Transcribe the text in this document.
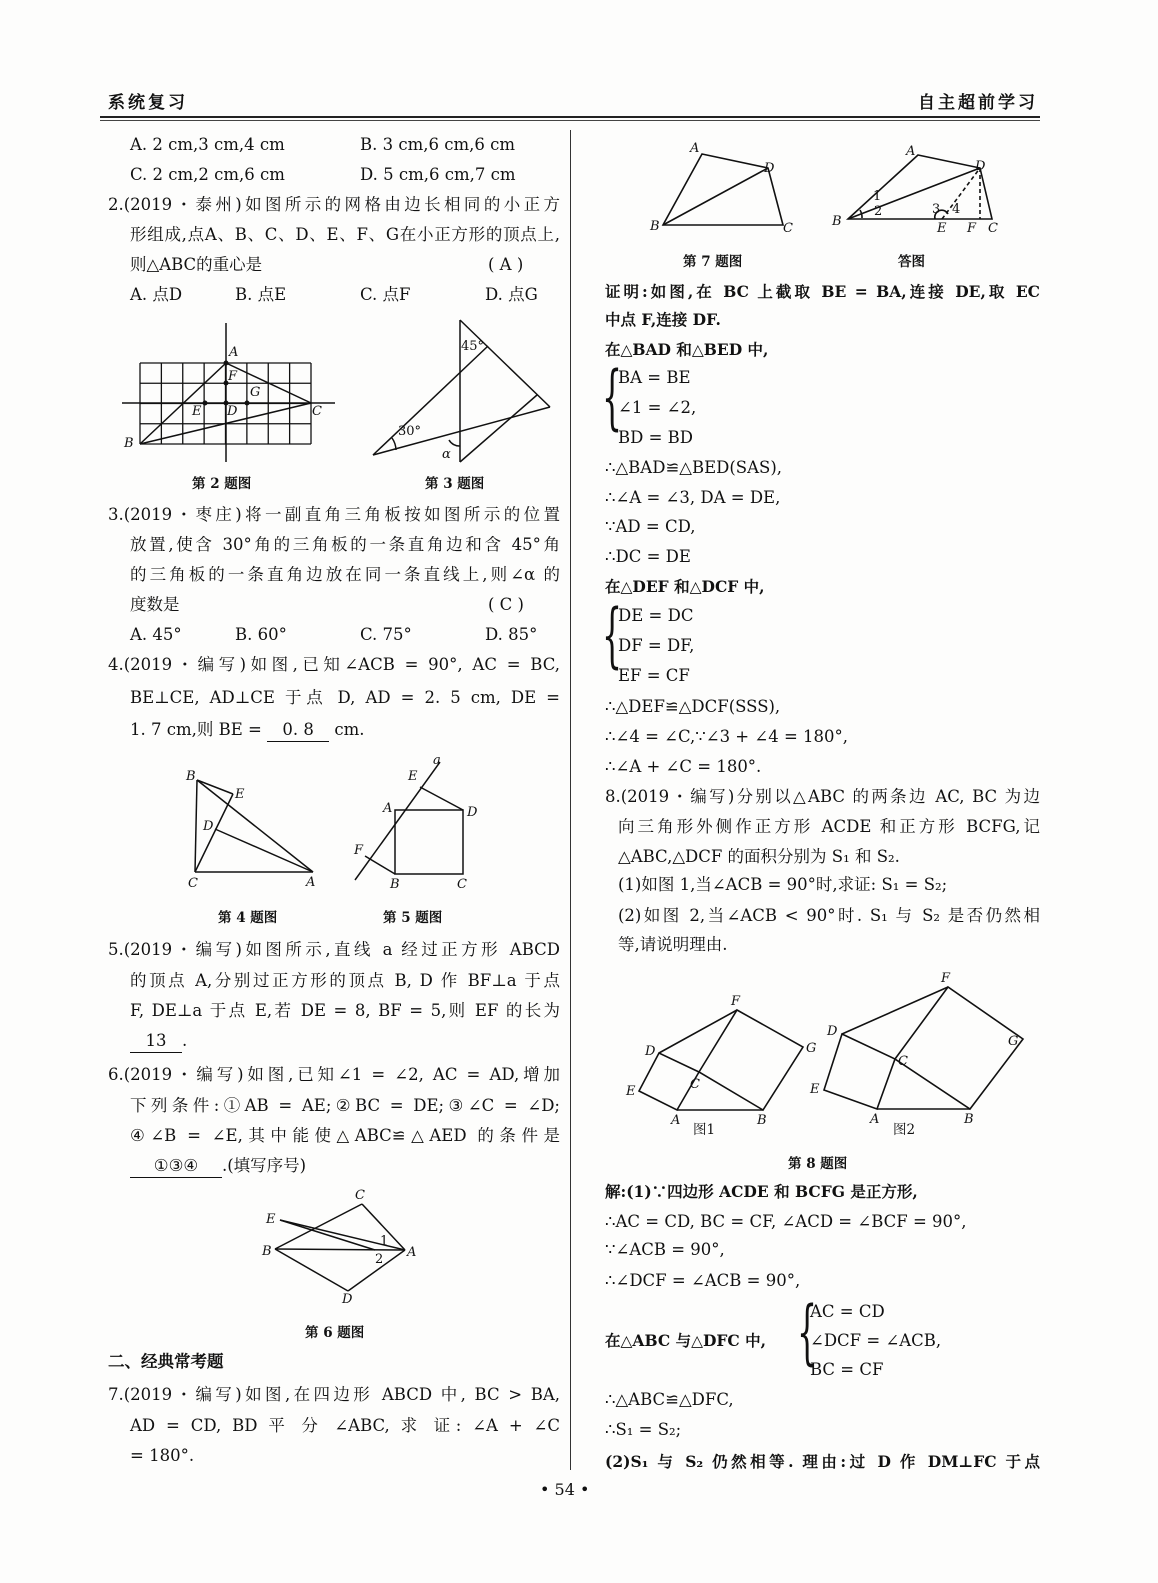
系统复习	自主超前学习
A. 2 cm,3 cm,4 cm	B. 3 cm,6 cm,6 cm
C. 2 cm,2 cm,6 cm	D. 5 cm,6 cm,7 cm
2.(2019・泰州)如图所示的网格由边长相同的小正方
形组成,点A、B、C、D、E、F、G在小正方形的顶点上,
则△ABC的重心是	( A )
A. 点D	B. 点E	C. 点F	D. 点G
A
B
C
D
E
F
G
第 2 题图
45°
30°
α
第 3 题图
3.(2019・枣庄)将一副直角三角板按如图所示的位置
放置,使含 30°角的三角板的一条直角边和含 45°角
的三角板的一条直角边放在同一条直线上,则∠α 的
度数是	( C )
A. 45°	B. 60°	C. 75°	D. 85°
4.(2019・编写)如图,已知∠ACB = 90°, AC = BC,
BE⊥CE, AD⊥CE 于点 D, AD = 2. 5 cm, DE =
1. 7 cm,则 BE = 0. 8 cm.
B
E
D
C	A
第 4 题图
E
a
A	D
F
B	C
第 5 题图
5.(2019・编写)如图所示,直线 a 经过正方形 ABCD
的顶点 A,分别过正方形的顶点 B, D 作 BF⊥a 于点
F, DE⊥a 于点 E,若 DE = 8, BF = 5,则 EF 的长为
13 .
6.(2019・编写)如图,已知∠1 = ∠2, AC = AD,增加
下列条件:①AB = AE;②BC = DE;③∠C = ∠D;
④∠B = ∠E,其中能使△ABC≌△AED 的条件是
①③④ .(填写序号)
C
E
B	A
D
1
2
第 6 题图
二、经典常考题
7.(2019・编写)如图,在四边形 ABCD 中, BC > BA,
AD = CD, BD 平 分 ∠ABC, 求 证: ∠A + ∠C
= 180°.
A
D
B	C
A
D
B	C
E F
1
2	3 4
第 7 题图	答图
证明:如图,在 BC 上截取 BE = BA,连接 DE,取 EC
中点 F,连接 DF.
在△BAD 和△BED 中,
{
BA = BE
∠1 = ∠2,
BD = BD
∴△BAD≌△BED(SAS),
∴∠A = ∠3, DA = DE,
∵AD = CD,
∴DC = DE
在△DEF 和△DCF 中,
{
DE = DC
DF = DF,
EF = CF
∴△DEF≌△DCF(SSS),
∴∠4 = ∠C,∵∠3 + ∠4 = 180°,
∴∠A + ∠C = 180°.
8.(2019・编写)分别以△ABC 的两条边 AC, BC 为边
向三角形外侧作正方形 ACDE 和正方形 BCFG,记
△ABC,△DCF 的面积分别为 S₁ 和 S₂.
(1)如图 1,当∠ACB = 90°时,求证: S₁ = S₂;
(2)如图 2,当∠ACB < 90°时. S₁ 与 S₂ 是否仍然相
等,请说明理由.
F
D
E
A	B
G
C
F
D
E
A	B
G
C
图1	图2
第 8 题图
解:(1)∵四边形 ACDE 和 BCFG 是正方形,
∴AC = CD, BC = CF, ∠ACD = ∠BCF = 90°,
∵∠ACB = 90°,
∴∠DCF = ∠ACB = 90°,
在△ABC 与△DFC 中, {
AC = CD
∠DCF = ∠ACB,
BC = CF
∴△ABC≌△DFC,
∴S₁ = S₂;
(2)S₁ 与 S₂ 仍然相等. 理由:过 D 作 DM⊥FC 于点
• 54 •
